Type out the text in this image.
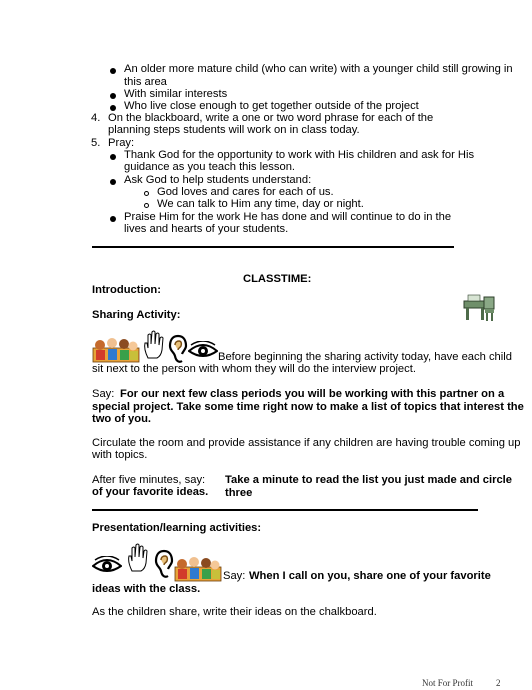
An older more mature child (who can write) with a younger child still growing in
this area
With similar interests
Who live close enough to get together outside of the project
4. On the blackboard, write a one or two word phrase for each of the
planning steps students will work on in class today.
5. Pray:
Thank God for the opportunity to work with His children and ask for His
guidance as you teach this lesson.
Ask God to help students understand:
God loves and cares for each of us.
We can talk to Him any time, day or night.
Praise Him for the work He has done and will continue to do in the
lives and hearts of your students.
CLASSTIME:
Introduction:
Sharing Activity:
Before beginning the sharing activity today, have each child
sit next to the person with whom they will do the interview project.
Say: For our next few class periods you will be working with this partner on a
special project. Take some time right now to make a list of topics that interest the
two of you.
Circulate the room and provide assistance if any children are having trouble coming up
with topics.
After five minutes, say: Take a minute to read the list you just made and circle three
of your favorite ideas.
Presentation/learning activities:
Say: When I call on you, share one of your favorite
ideas with the class.
As the children share, write their ideas on the chalkboard.
Not For Profit	2
